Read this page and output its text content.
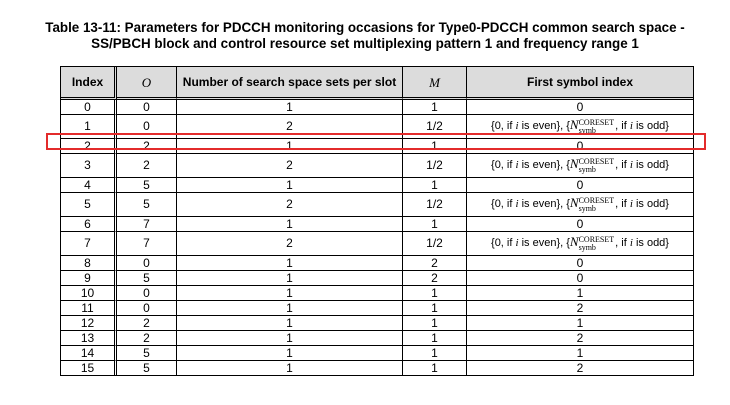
Table 13-11: Parameters for PDCCH monitoring occasions for Type0-PDCCH common search space -
SS/PBCH block and control resource set multiplexing pattern 1 and frequency range 1
Index	O	Number of search space sets per slot	M	First symbol index
0	0	1	1	0
1	0	2	1/2	{0, if i is even}, {N CORESET
symb , if i is odd}
2	2	1	1	0
3	2	2	1/2	{0, if i is even}, {N CORESET
symb , if i is odd}
4	5	1	1	0
5	5	2	1/2	{0, if i is even}, {N CORESET
symb , if i is odd}
6	7	1	1	0
7	7	2	1/2	{0, if i is even}, {N CORESET
symb , if i is odd}
8	0	1	2	0
9	5	1	2	0
10	0	1	1	1
11	0	1	1	2
12	2	1	1	1
13	2	1	1	2
14	5	1	1	1
15	5	1	1	2
